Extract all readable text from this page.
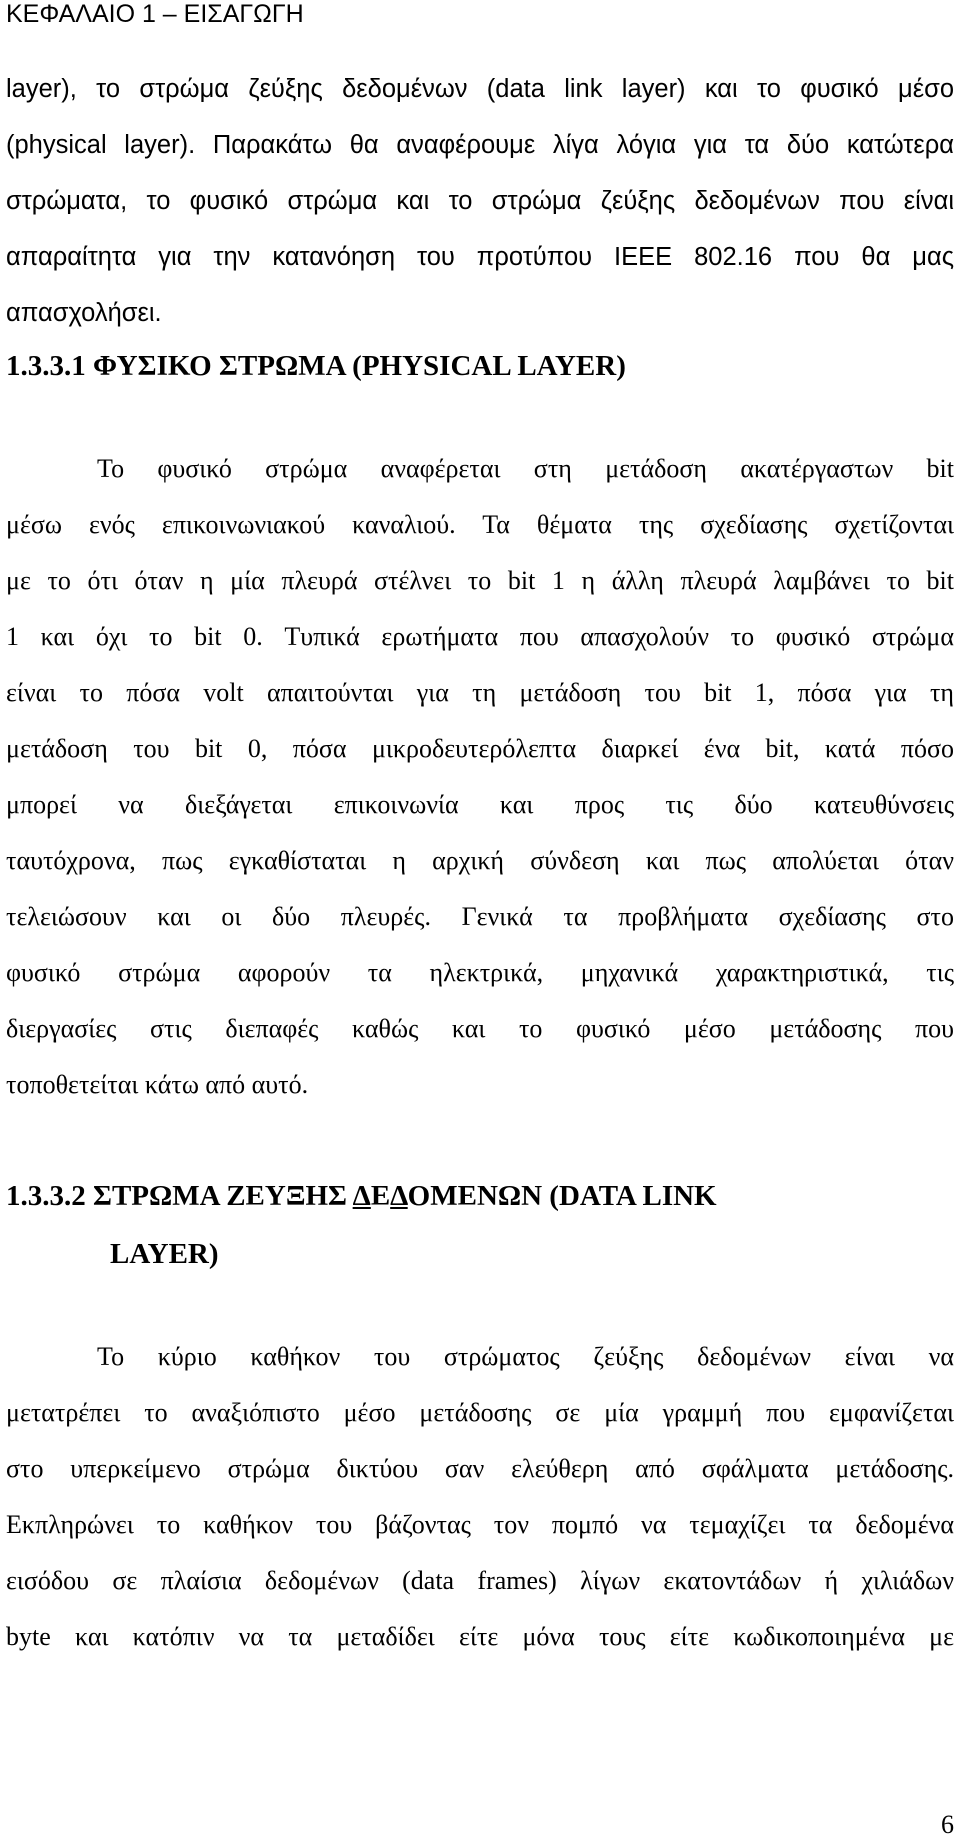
ΚΕΦΑΛΑΙΟ 1 – ΕΙΣΑΓΩΓΗ
layer), το στρώμα ζεύξης δεδομένων (data link layer) και το φυσικό μέσο
(physical layer). Παρακάτω θα αναφέρουμε λίγα λόγια για τα δύο κατώτερα
στρώματα, το φυσικό στρώμα και το στρώμα ζεύξης δεδομένων που είναι
απαραίτητα για την κατανόηση του προτύπου IEEE 802.16 που θα μας
απασχολήσει.
1.3.3.1 ΦΥΣΙΚΟ ΣΤΡΩΜΑ (PHYSICAL LAYER)
Το φυσικό στρώμα αναφέρεται στη μετάδοση ακατέργαστων bit
μέσω ενός επικοινωνιακού καναλιού. Τα θέματα της σχεδίασης σχετίζονται
με το ότι όταν η μία πλευρά στέλνει το bit 1 η άλλη πλευρά λαμβάνει το bit
1 και όχι το bit 0. Τυπικά ερωτήματα που απασχολούν το φυσικό στρώμα
είναι το πόσα volt απαιτούνται για τη μετάδοση του bit 1, πόσα για τη
μετάδοση του bit 0, πόσα μικροδευτερόλεπτα διαρκεί ένα bit, κατά πόσο
μπορεί να διεξάγεται επικοινωνία και προς τις δύο κατευθύνσεις
ταυτόχρονα, πως εγκαθίσταται η αρχική σύνδεση και πως απολύεται όταν
τελειώσουν και οι δύο πλευρές. Γενικά τα προβλήματα σχεδίασης στο
φυσικό στρώμα αφορούν τα ηλεκτρικά, μηχανικά χαρακτηριστικά, τις
διεργασίες στις διεπαφές καθώς και το φυσικό μέσο μετάδοσης που
τοποθετείται κάτω από αυτό.
1.3.3.2 ΣΤΡΩΜΑ ΖΕΥΞΗΣ ΔΕΔΟΜΕΝΩΝ (DATA LINK
LAYER)
Το κύριο καθήκον του στρώματος ζεύξης δεδομένων είναι να
μετατρέπει το αναξιόπιστο μέσο μετάδοσης σε μία γραμμή που εμφανίζεται
στο υπερκείμενο στρώμα δικτύου σαν ελεύθερη από σφάλματα μετάδοσης.
Εκπληρώνει το καθήκον του βάζοντας τον πομπό να τεμαχίζει τα δεδομένα
εισόδου σε πλαίσια δεδομένων (data frames) λίγων εκατοντάδων ή χιλιάδων
byte και κατόπιν να τα μεταδίδει είτε μόνα τους είτε κωδικοποιημένα με
6
